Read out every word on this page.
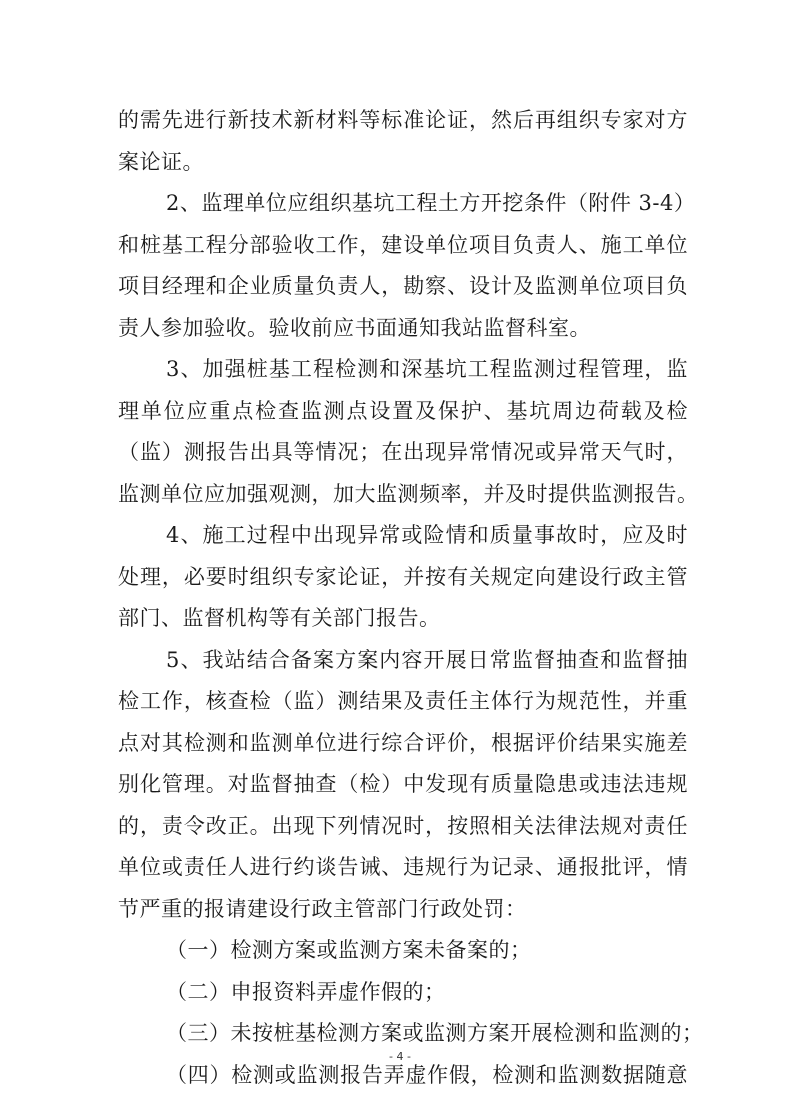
的需先进行新技术新材料等标准论证，然后再组织专家对方
案论证。
2、监理单位应组织基坑工程土方开挖条件（附件 3-4）
和桩基工程分部验收工作，建设单位项目负责人、施工单位
项目经理和企业质量负责人，勘察、设计及监测单位项目负
责人参加验收。验收前应书面通知我站监督科室。
3、加强桩基工程检测和深基坑工程监测过程管理，监
理单位应重点检查监测点设置及保护、基坑周边荷载及检
（监）测报告出具等情况；在出现异常情况或异常天气时，
监测单位应加强观测，加大监测频率，并及时提供监测报告。
4、施工过程中出现异常或险情和质量事故时，应及时
处理，必要时组织专家论证，并按有关规定向建设行政主管
部门、监督机构等有关部门报告。
5、我站结合备案方案内容开展日常监督抽查和监督抽
检工作，核查检（监）测结果及责任主体行为规范性，并重
点对其检测和监测单位进行综合评价，根据评价结果实施差
别化管理。对监督抽查（检）中发现有质量隐患或违法违规
的，责令改正。出现下列情况时，按照相关法律法规对责任
单位或责任人进行约谈告诫、违规行为记录、通报批评，情
节严重的报请建设行政主管部门行政处罚：
（一）检测方案或监测方案未备案的；
（二）申报资料弄虚作假的；
（三）未按桩基检测方案或监测方案开展检测和监测的；
（四）检测或监测报告弄虚作假，检测和监测数据随意
- 4 -
